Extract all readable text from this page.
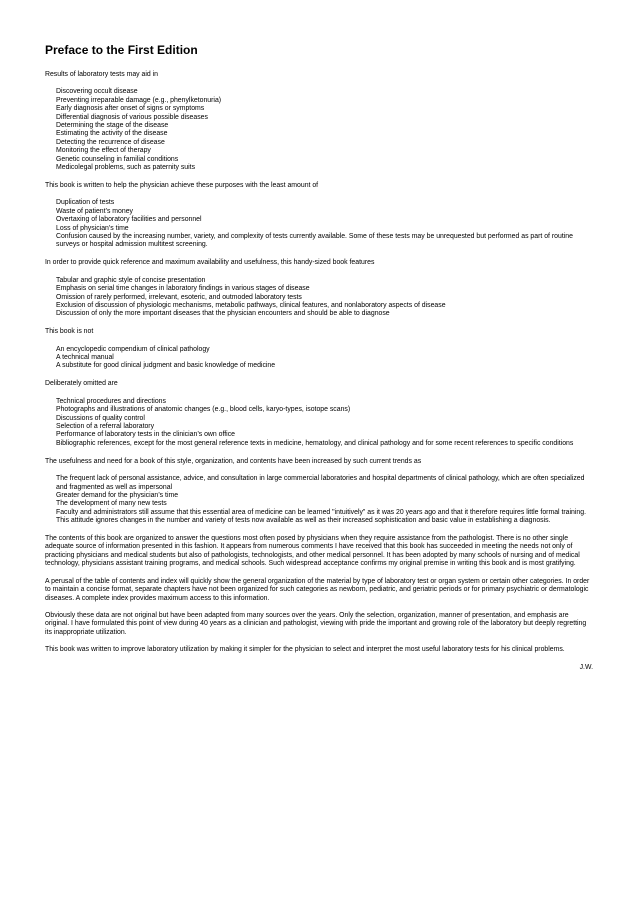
Preface to the First Edition

Results of laboratory tests may aid in

Discovering occult disease
Preventing irreparable damage (e.g., phenylketonuria)
Early diagnosis after onset of signs or symptoms
Differential diagnosis of various possible diseases
Determining the stage of the disease
Estimating the activity of the disease
Detecting the recurrence of disease
Monitoring the effect of therapy
Genetic counseling in familial conditions
Medicolegal problems, such as paternity suits

This book is written to help the physician achieve these purposes with the least amount of

Duplication of tests
Waste of patient’s money
Overtaxing of laboratory facilities and personnel
Loss of physician’s time
Confusion caused by the increasing number, variety, and complexity of tests currently available. Some of these tests may be unrequested but performed as part of routine surveys or hospital admission multitest screening.

In order to provide quick reference and maximum availability and usefulness, this handy-sized book features

Tabular and graphic style of concise presentation
Emphasis on serial time changes in laboratory findings in various stages of disease
Omission of rarely performed, irrelevant, esoteric, and outmoded laboratory tests
Exclusion of discussion of physiologic mechanisms, metabolic pathways, clinical features, and nonlaboratory aspects of disease
Discussion of only the more important diseases that the physician encounters and should be able to diagnose

This book is not

An encyclopedic compendium of clinical pathology
A technical manual
A substitute for good clinical judgment and basic knowledge of medicine

Deliberately omitted are

Technical procedures and directions
Photographs and illustrations of anatomic changes (e.g., blood cells, karyo-types, isotope scans)
Discussions of quality control
Selection of a referral laboratory
Performance of laboratory tests in the clinician’s own office
Bibliographic references, except for the most general reference texts in medicine, hematology, and clinical pathology and for some recent references to specific conditions

The usefulness and need for a book of this style, organization, and contents have been increased by such current trends as

The frequent lack of personal assistance, advice, and consultation in large commercial laboratories and hospital departments of clinical pathology, which are often specialized and fragmented as well as impersonal
Greater demand for the physician’s time
The development of many new tests
Faculty and administrators still assume that this essential area of medicine can be learned "intuitively" as it was 20 years ago and that it therefore requires little formal training. This attitude ignores changes in the number and variety of tests now available as well as their increased sophistication and basic value in establishing a diagnosis.

The contents of this book are organized to answer the questions most often posed by physicians when they require assistance from the pathologist. There is no other single adequate source of information presented in this fashion. It appears from numerous comments I have received that this book has succeeded in meeting the needs not only of practicing physicians and medical students but also of pathologists, technologists, and other medical personnel. It has been adopted by many schools of nursing and of medical technology, physicians assistant training programs, and medical schools. Such widespread acceptance confirms my original premise in writing this book and is most gratifying.

A perusal of the table of contents and index will quickly show the general organization of the material by type of laboratory test or organ system or certain other categories. In order to maintain a concise format, separate chapters have not been organized for such categories as newborn, pediatric, and geriatric periods or for primary psychiatric or dermatologic diseases. A complete index provides maximum access to this information.

Obviously these data are not original but have been adapted from many sources over the years. Only the selection, organization, manner of presentation, and emphasis are original. I have formulated this point of view during 40 years as a clinician and pathologist, viewing with pride the important and growing role of the laboratory but deeply regretting its inappropriate utilization.

This book was written to improve laboratory utilization by making it simpler for the physician to select and interpret the most useful laboratory tests for his clinical problems.

J.W.
